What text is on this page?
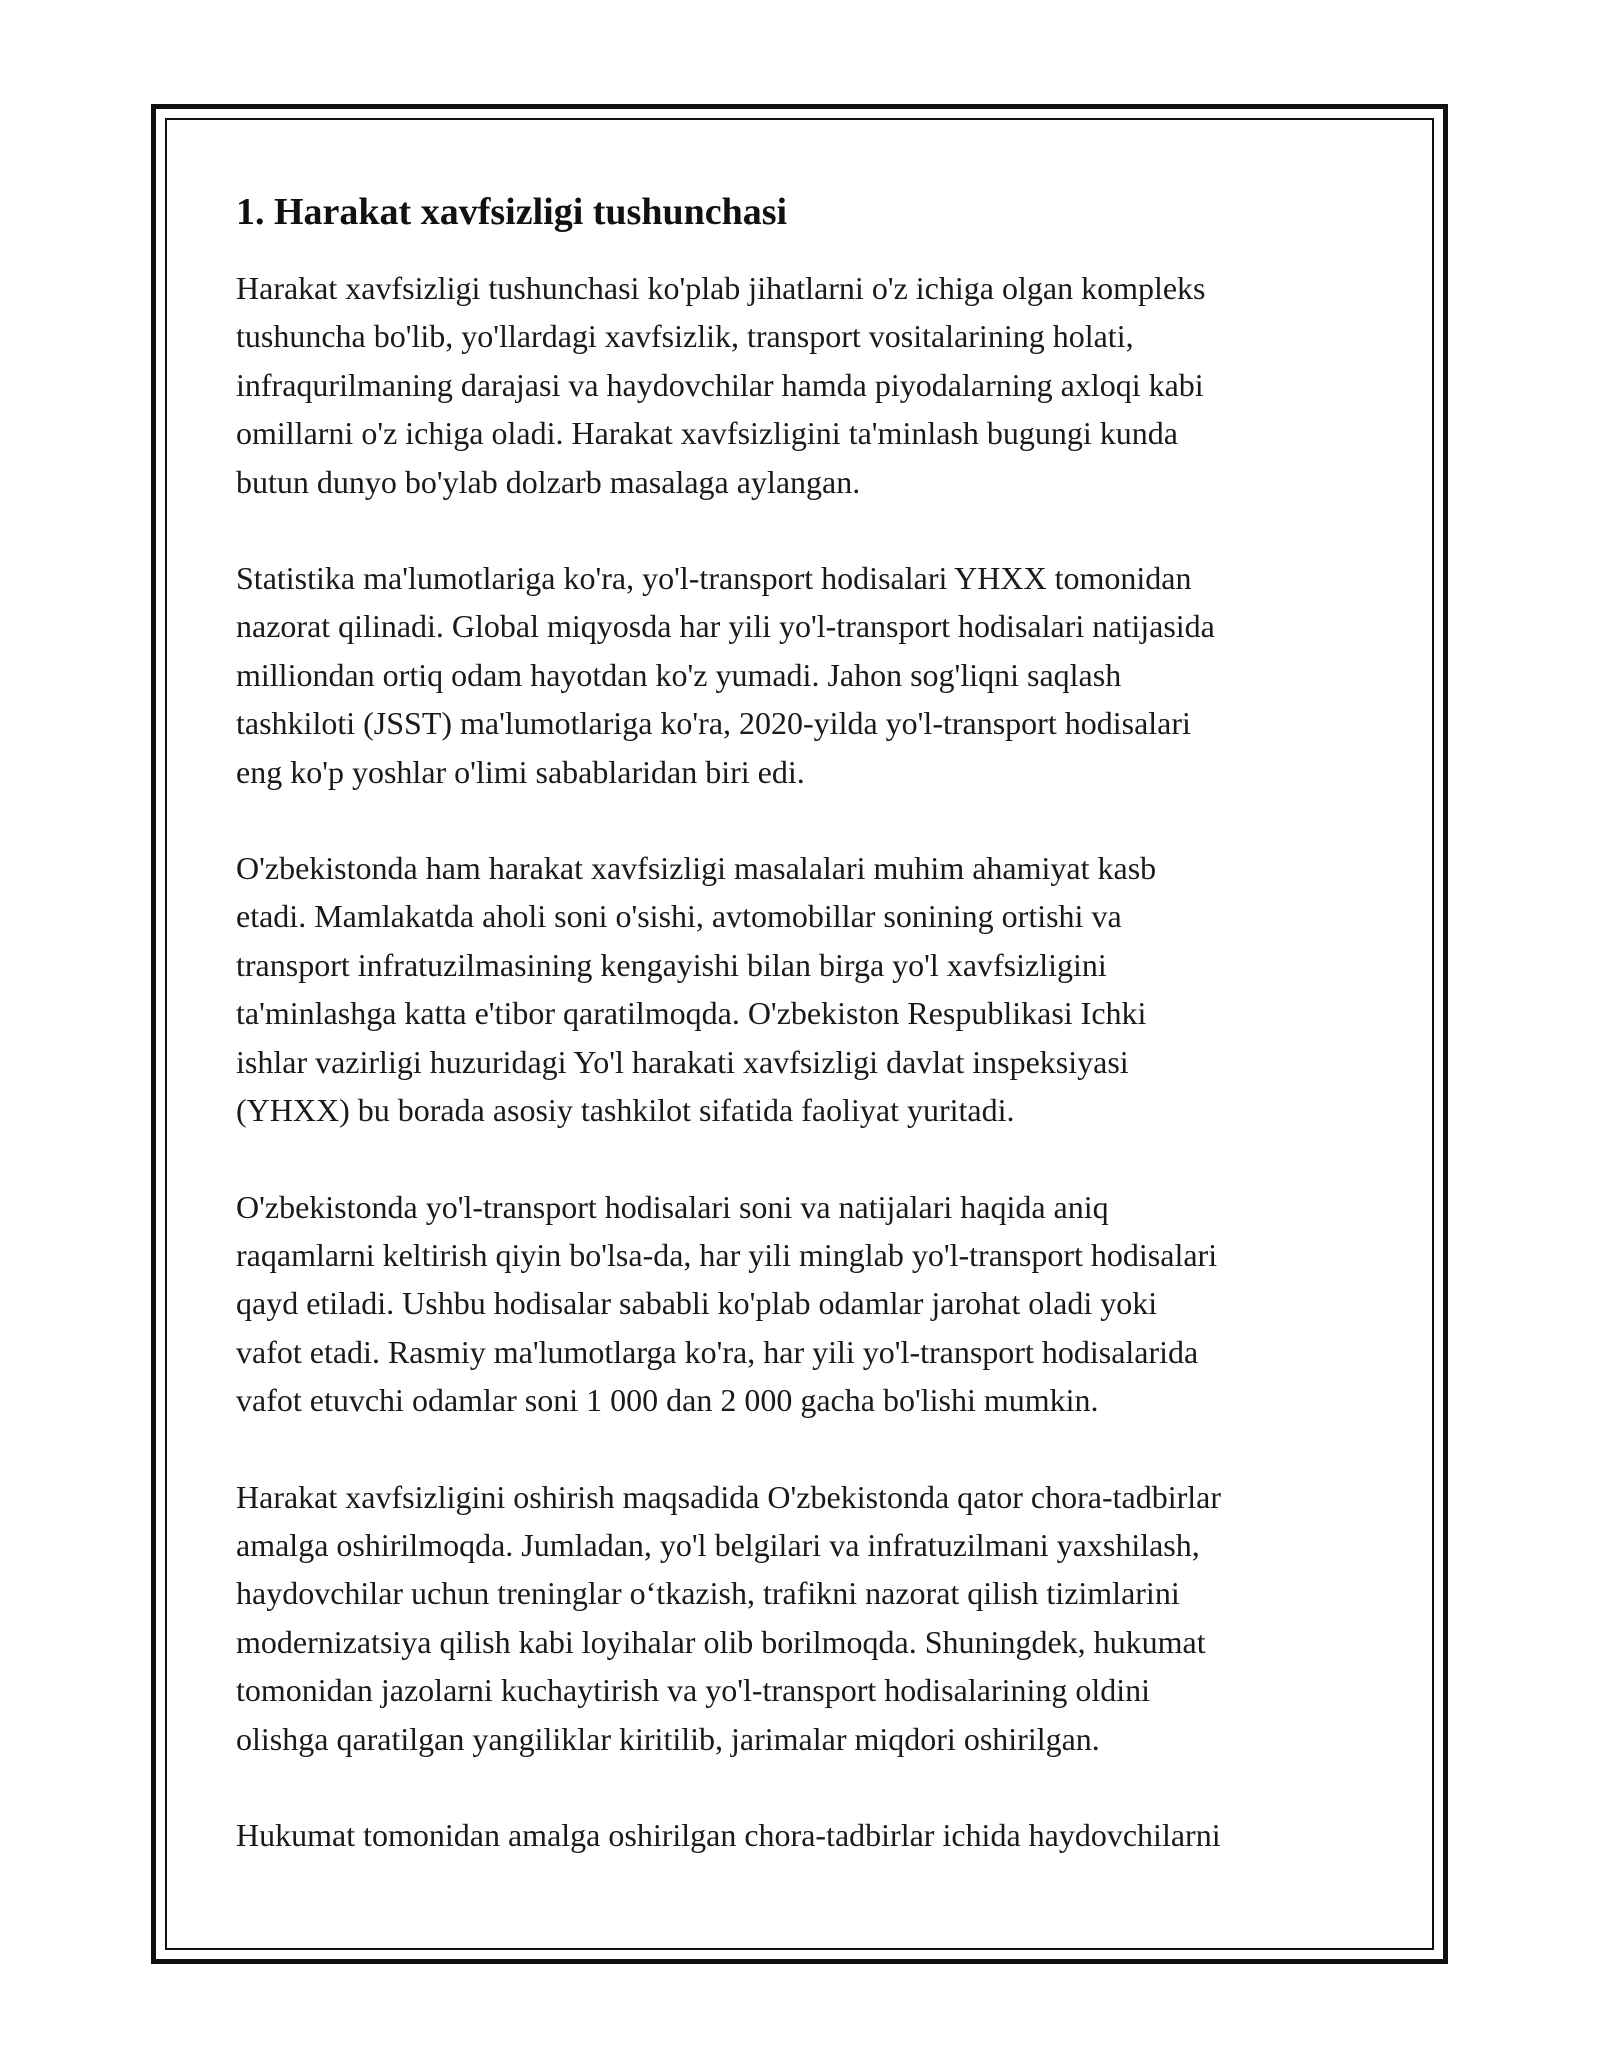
1. Harakat xavfsizligi tushunchasi

Harakat xavfsizligi tushunchasi ko'plab jihatlarni o'z ichiga olgan kompleks
tushuncha bo'lib, yo'llardagi xavfsizlik, transport vositalarining holati,
infraqurilmaning darajasi va haydovchilar hamda piyodalarning axloqi kabi
omillarni o'z ichiga oladi. Harakat xavfsizligini ta'minlash bugungi kunda
butun dunyo bo'ylab dolzarb masalaga aylangan.

Statistika ma'lumotlariga ko'ra, yo'l-transport hodisalari YHXX tomonidan
nazorat qilinadi. Global miqyosda har yili yo'l-transport hodisalari natijasida
milliondan ortiq odam hayotdan ko'z yumadi. Jahon sog'liqni saqlash
tashkiloti (JSST) ma'lumotlariga ko'ra, 2020-yilda yo'l-transport hodisalari
eng ko'p yoshlar o'limi sabablaridan biri edi.

O'zbekistonda ham harakat xavfsizligi masalalari muhim ahamiyat kasb
etadi. Mamlakatda aholi soni o'sishi, avtomobillar sonining ortishi va
transport infratuzilmasining kengayishi bilan birga yo'l xavfsizligini
ta'minlashga katta e'tibor qaratilmoqda. O'zbekiston Respublikasi Ichki
ishlar vazirligi huzuridagi Yo'l harakati xavfsizligi davlat inspeksiyasi
(YHXX) bu borada asosiy tashkilot sifatida faoliyat yuritadi.

O'zbekistonda yo'l-transport hodisalari soni va natijalari haqida aniq
raqamlarni keltirish qiyin bo'lsa-da, har yili minglab yo'l-transport hodisalari
qayd etiladi. Ushbu hodisalar sababli ko'plab odamlar jarohat oladi yoki
vafot etadi. Rasmiy ma'lumotlarga ko'ra, har yili yo'l-transport hodisalarida
vafot etuvchi odamlar soni 1 000 dan 2 000 gacha bo'lishi mumkin.

Harakat xavfsizligini oshirish maqsadida O'zbekistonda qator chora-tadbirlar
amalga oshirilmoqda. Jumladan, yo'l belgilari va infratuzilmani yaxshilash,
haydovchilar uchun treninglar o‘tkazish, trafikni nazorat qilish tizimlarini
modernizatsiya qilish kabi loyihalar olib borilmoqda. Shuningdek, hukumat
tomonidan jazolarni kuchaytirish va yo'l-transport hodisalarining oldini
olishga qaratilgan yangiliklar kiritilib, jarimalar miqdori oshirilgan.

Hukumat tomonidan amalga oshirilgan chora-tadbirlar ichida haydovchilarni
